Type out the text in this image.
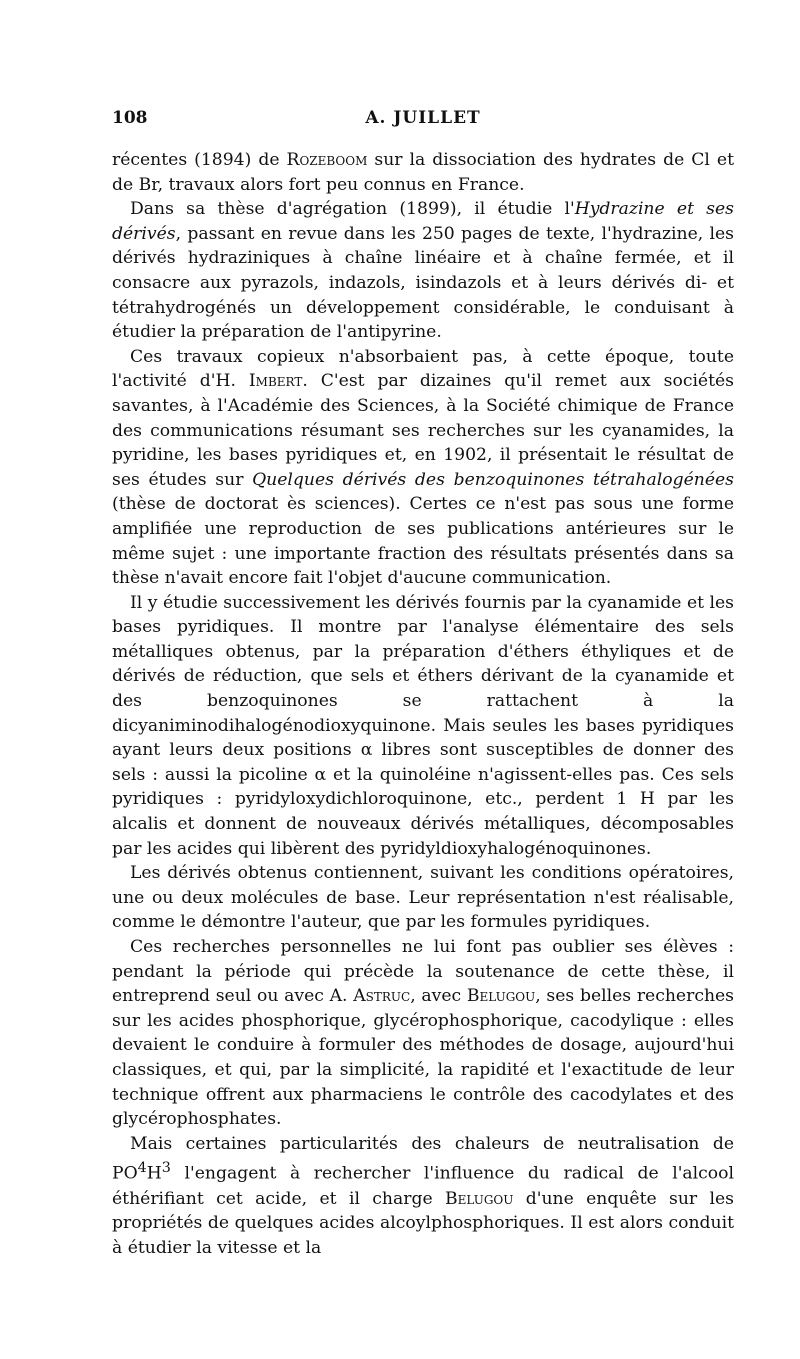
108	A. JUILLET

récentes (1894) de Rozeboom sur la dissociation des hydrates de Cl et de Br, travaux alors fort peu connus en France.

Dans sa thèse d'agrégation (1899), il étudie l'Hydrazine et ses dérivés, passant en revue dans les 250 pages de texte, l'hydrazine, les dérivés hydraziniques à chaîne linéaire et à chaîne fermée, et il consacre aux pyrazols, indazols, isindazols et à leurs dérivés di- et tétrahydrogénés un développement considérable, le conduisant à étudier la préparation de l'antipyrine.

Ces travaux copieux n'absorbaient pas, à cette époque, toute l'activité d'H. Imbert. C'est par dizaines qu'il remet aux sociétés savantes, à l'Académie des Sciences, à la Société chimique de France des communications résumant ses recherches sur les cyanamides, la pyridine, les bases pyridiques et, en 1902, il présentait le résultat de ses études sur Quelques dérivés des benzoquinones tétrahalogénées (thèse de doctorat ès sciences). Certes ce n'est pas sous une forme amplifiée une reproduction de ses publications antérieures sur le même sujet : une importante fraction des résultats présentés dans sa thèse n'avait encore fait l'objet d'aucune communication.

Il y étudie successivement les dérivés fournis par la cyanamide et les bases pyridiques. Il montre par l'analyse élémentaire des sels métalliques obtenus, par la préparation d'éthers éthyliques et de dérivés de réduction, que sels et éthers dérivant de la cyanamide et des benzoquinones se rattachent à la dicyaniminodihalogénodioxyquinone. Mais seules les bases pyridiques ayant leurs deux positions α libres sont susceptibles de donner des sels : aussi la picoline α et la quinoléine n'agissent-elles pas. Ces sels pyridiques : pyridyloxydichloroquinone, etc., perdent 1 H par les alcalis et donnent de nouveaux dérivés métalliques, décomposables par les acides qui libèrent des pyridyldioxyhalogénoquinones.

Les dérivés obtenus contiennent, suivant les conditions opératoires, une ou deux molécules de base. Leur représentation n'est réalisable, comme le démontre l'auteur, que par les formules pyridiques.

Ces recherches personnelles ne lui font pas oublier ses élèves : pendant la période qui précède la soutenance de cette thèse, il entreprend seul ou avec A. Astruc, avec Belugou, ses belles recherches sur les acides phosphorique, glycérophosphorique, cacodylique : elles devaient le conduire à formuler des méthodes de dosage, aujourd'hui classiques, et qui, par la simplicité, la rapidité et l'exactitude de leur technique offrent aux pharmaciens le contrôle des cacodylates et des glycérophosphates.

Mais certaines particularités des chaleurs de neutralisation de $PO^4H^3$ l'engagent à rechercher l'influence du radical de l'alcool éthérifiant cet acide, et il charge Belugou d'une enquête sur les propriétés de quelques acides alcoylphosphoriques. Il est alors conduit à étudier la vitesse et la
